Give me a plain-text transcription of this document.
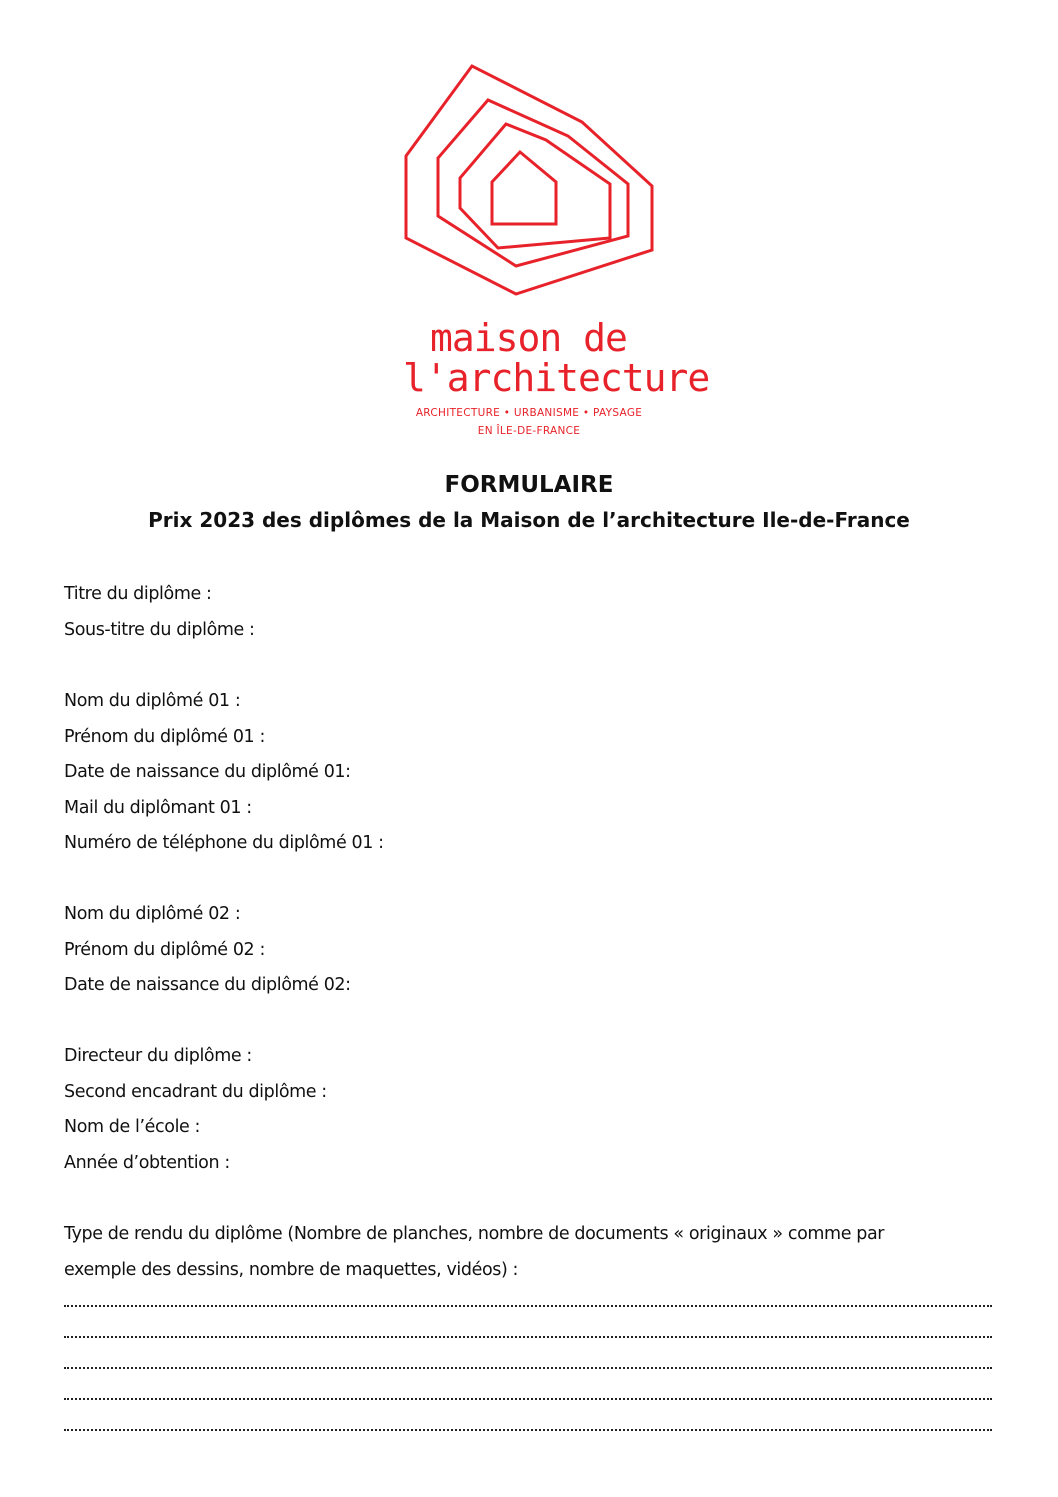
maison de
l'architecture
ARCHITECTURE • URBANISME • PAYSAGE
EN ÎLE-DE-FRANCE
FORMULAIRE
Prix 2023 des diplômes de la Maison de l’architecture Ile-de-France
Titre du diplôme :
Sous-titre du diplôme :
Nom du diplômé 01 :
Prénom du diplômé 01 :
Date de naissance du diplômé 01:
Mail du diplômant 01 :
Numéro de téléphone du diplômé 01 :
Nom du diplômé 02 :
Prénom du diplômé 02 :
Date de naissance du diplômé 02:
Directeur du diplôme :
Second encadrant du diplôme :
Nom de l’école :
Année d’obtention :
Type de rendu du diplôme (Nombre de planches, nombre de documents « originaux » comme par
exemple des dessins, nombre de maquettes, vidéos) :
